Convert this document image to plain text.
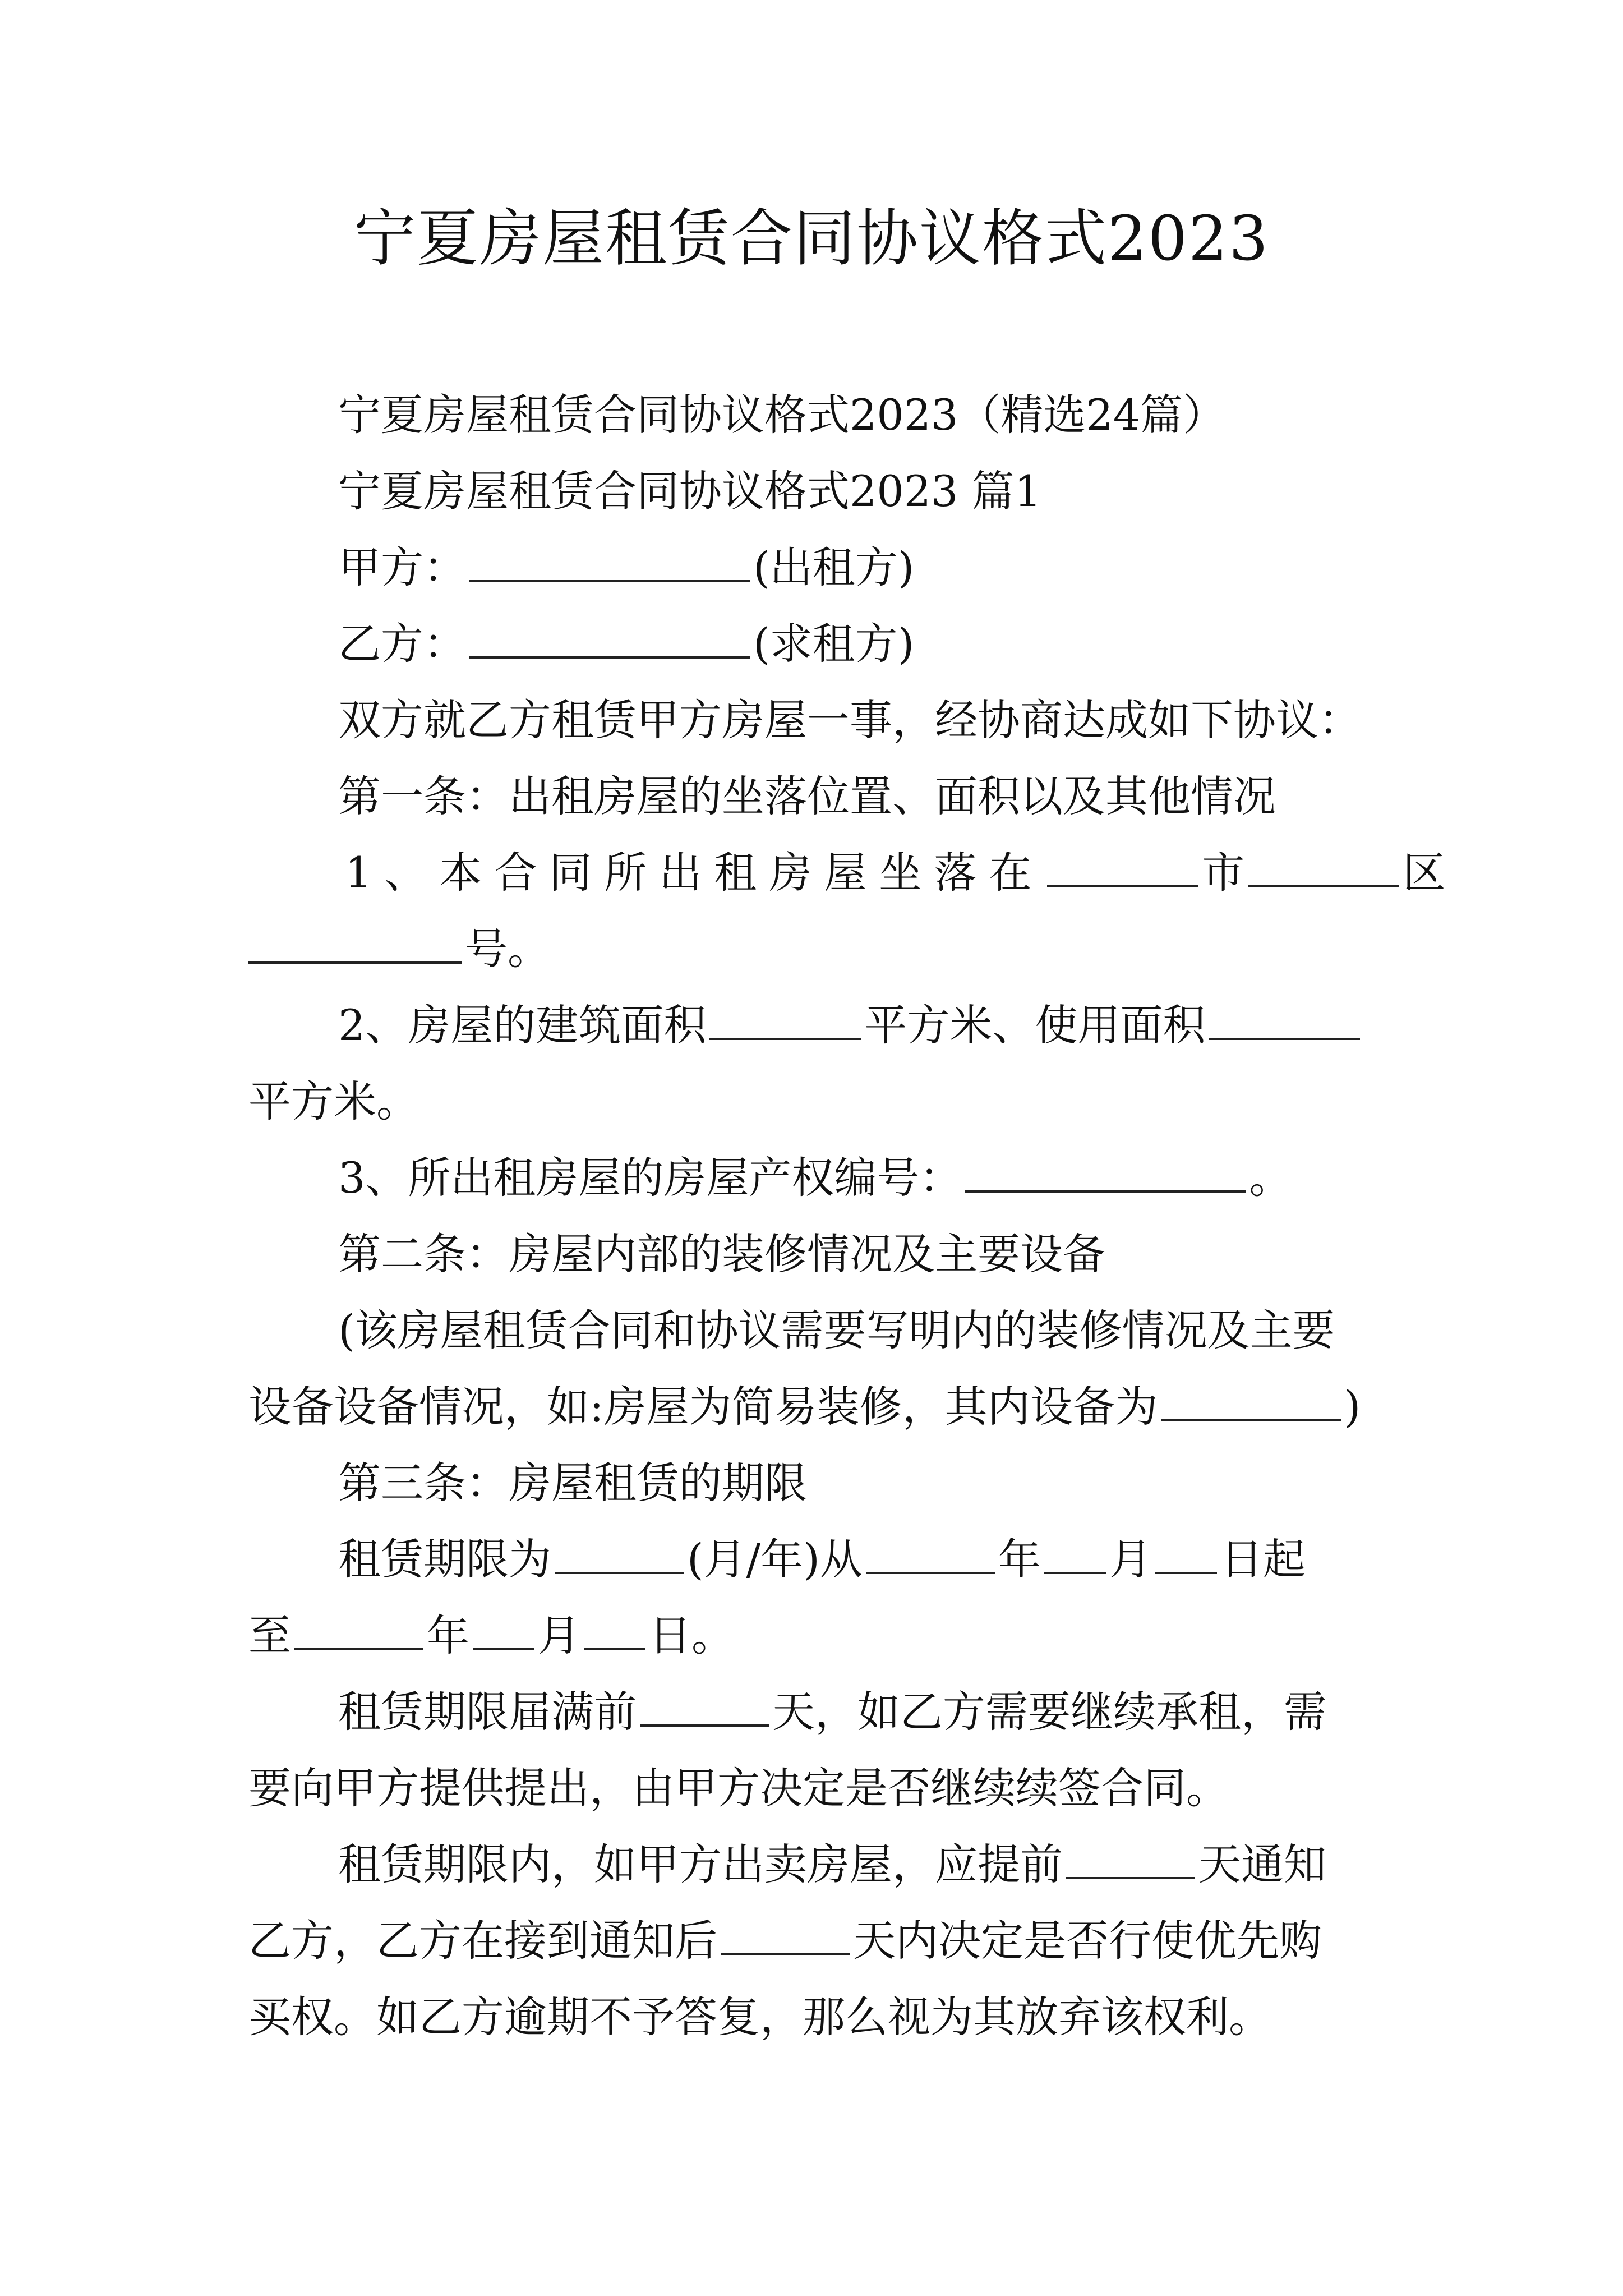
宁夏房屋租赁合同协议格式2023
宁夏房屋租赁合同协议格式2023（精选24篇）
宁夏房屋租赁合同协议格式2023 篇1
甲方：	(出租方)
乙方：	(求租方)
双方就乙方租赁甲方房屋一事，经协商达成如下协议：
第一条：出租房屋的坐落位置、面积以及其他情况
1、本合同所出租房屋坐落在	市	区
号。
2、房屋的建筑面积	平方米、使用面积
平方米。
3、所出租房屋的房屋产权编号：	。
第二条：房屋内部的装修情况及主要设备
(该房屋租赁合同和协议需要写明内的装修情况及主要
设备设备情况，如:房屋为简易装修，其内设备为	)
第三条：房屋租赁的期限
租赁期限为	(月/年)从	年 月 日起
至	年 月 日。
租赁期限届满前	天，如乙方需要继续承租，需
要向甲方提供提出，由甲方决定是否继续续签合同。
租赁期限内，如甲方出卖房屋，应提前	天通知
乙方，乙方在接到通知后	天内决定是否行使优先购
买权。如乙方逾期不予答复，那么视为其放弃该权利。
